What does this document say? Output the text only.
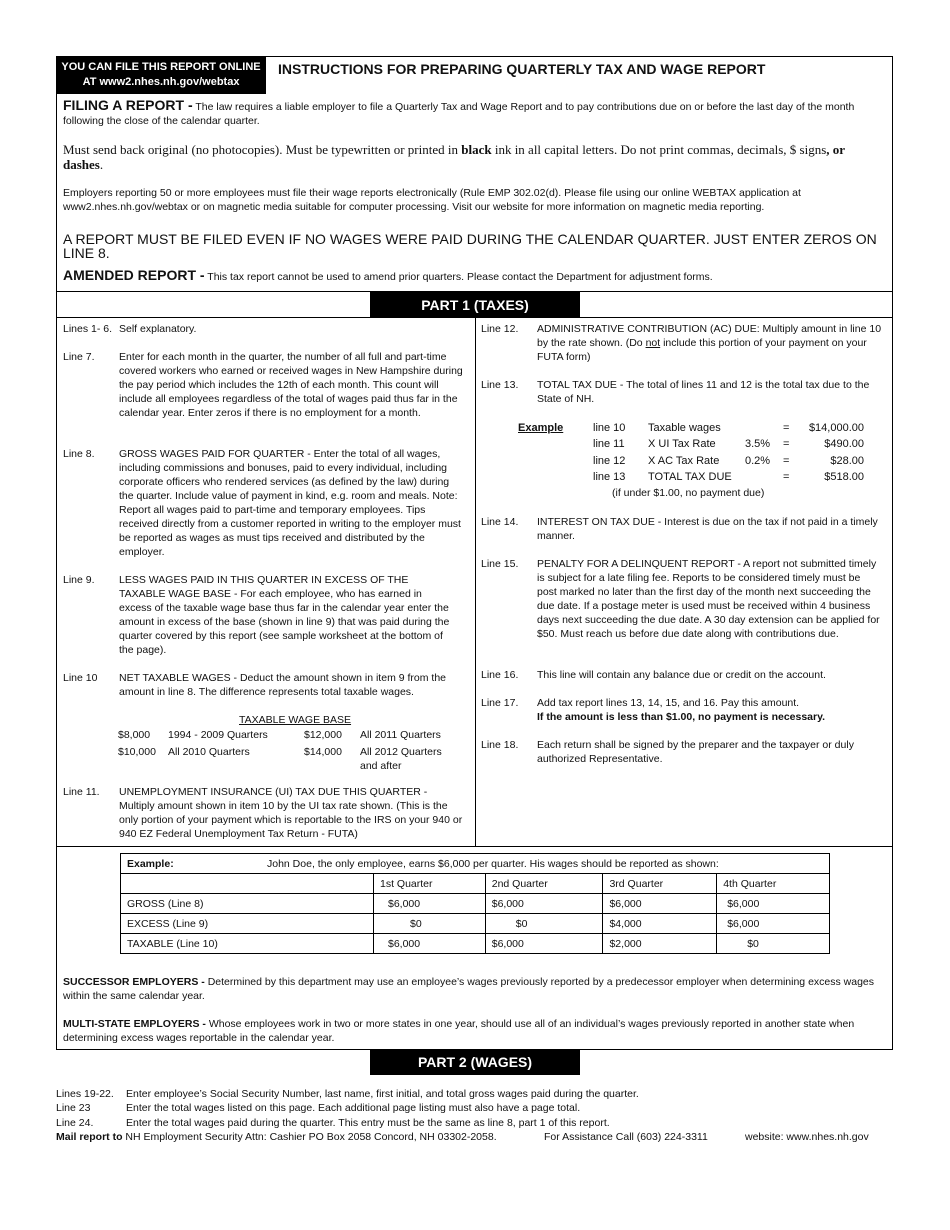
YOU CAN FILE THIS REPORT ONLINE
AT www2.nhes.nh.gov/webtax
INSTRUCTIONS FOR PREPARING QUARTERLY TAX AND WAGE REPORT
FILING A REPORT - The law requires a liable employer to file a Quarterly Tax and Wage Report and to pay contributions due on or before the last day of the month following the close of the calendar quarter.
Must send back original (no photocopies). Must be typewritten or printed in black ink in all capital letters. Do not print commas, decimals, $ signs, or dashes.
Employers reporting 50 or more employees must file their wage reports electronically (Rule EMP 302.02(d). Please file using our online WEBTAX application at www2.nhes.nh.gov/webtax or on magnetic media suitable for computer processing. Visit our website for more information on magnetic media reporting.
A REPORT MUST BE FILED EVEN IF NO WAGES WERE PAID DURING THE CALENDAR QUARTER. JUST ENTER ZEROS ON LINE 8.
AMENDED REPORT - This tax report cannot be used to amend prior quarters. Please contact the Department for adjustment forms.
PART 1 (TAXES)
Lines 1- 6. Self explanatory.
Line 7.	Enter for each month in the quarter, the number of all full and part-time covered workers who earned or received wages in New Hampshire during the pay period which includes the 12th of each month. This count will include all employees regardless of the total of wages paid thus far in the calendar year. Enter zeros if there is no employment for a month.
Line 8.	GROSS WAGES PAID FOR QUARTER - Enter the total of all wages, including commissions and bonuses, paid to every individual, including corporate officers who rendered services (as defined by the law) during the quarter. Include value of payment in kind, e.g. room and meals. Note: Report all wages paid to part-time and temporary employees. Tips received directly from a customer reported in writing to the employer must be reported as wages as must tips received and distributed by the employer.
Line 9.	LESS WAGES PAID IN THIS QUARTER IN EXCESS OF THE TAXABLE WAGE BASE - For each employee, who has earned in excess of the taxable wage base thus far in the calendar year enter the amount in excess of the base (shown in line 9) that was paid during the quarter covered by this report (see sample worksheet at the bottom of the page).
Line 10	NET TAXABLE WAGES - Deduct the amount shown in item 9 from the amount in line 8. The difference represents total taxable wages.
TAXABLE WAGE BASE
$8,000 1994 - 2009 Quarters	$12,000 All 2011 Quarters
$10,000 All 2010 Quarters	$14,000 All 2012 Quarters
and after
Line 11.	UNEMPLOYMENT INSURANCE (UI) TAX DUE THIS QUARTER - Multiply amount shown in item 10 by the UI tax rate shown. (This is the only portion of your payment which is reportable to the IRS on your 940 or 940 EZ Federal Unemployment Tax Return - FUTA)
Line 12.	ADMINISTRATIVE CONTRIBUTION (AC) DUE: Multiply amount in line 10 by the rate shown. (Do not include this portion of your payment on your FUTA form)
Line 13.	TOTAL TAX DUE - The total of lines 11 and 12 is the total tax due to the State of NH.
Example	line 10 Taxable wages	=	$14,000.00
line 11 X UI Tax Rate	3.5% =	$490.00
line 12 X AC Tax Rate 0.2% =	$28.00
line 13 TOTAL TAX DUE	=	$518.00
(if under $1.00, no payment due)
Line 14.	INTEREST ON TAX DUE - Interest is due on the tax if not paid in a timely manner.
Line 15.	PENALTY FOR A DELINQUENT REPORT - A report not submitted timely is subject for a late filing fee. Reports to be considered timely must be post marked no later than the first day of the month next succeeding the due date. If a postage meter is used must be received within 4 business days next succeeding the due date. A 30 day extension can be applied for $50. Must reach us before due date along with contributions due.
Line 16.	This line will contain any balance due or credit on the account.
Line 17.	Add tax report lines 13, 14, 15, and 16. Pay this amount.
If the amount is less than $1.00, no payment is necessary.
Line 18.	Each return shall be signed by the preparer and the taxpayer or duly authorized Representative.
Example: John Doe, the only employee, earns $6,000 per quarter. His wages should be reported as shown:				
	1st Quarter	2nd Quarter	3rd Quarter	4th Quarter
GROSS (Line 8)	$6,000	$6,000	$6,000	$6,000
EXCESS (Line 9)	$0	$0	$4,000	$6,000
TAXABLE (Line 10)	$6,000	$6,000	$2,000	$0
SUCCESSOR EMPLOYERS - Determined by this department may use an employee’s wages previously reported by a predecessor employer when determining excess wages within the same calendar year.
MULTI-STATE EMPLOYERS - Whose employees work in two or more states in one year, should use all of an individual’s wages previously reported in another state when determining excess wages reportable in the calendar year.
PART 2 (WAGES)
Lines 19-22. Enter employee’s Social Security Number, last name, first initial, and total gross wages paid during the quarter.
Line 23	Enter the total wages listed on this page. Each additional page listing must also have a page total.
Line 24.	Enter the total wages paid during the quarter. This entry must be the same as line 8, part 1 of this report.
Mail report to NH Employment Security Attn: Cashier PO Box 2058 Concord, NH 03302-2058.	For Assistance Call (603) 224-3311	website: www.nhes.nh.gov
